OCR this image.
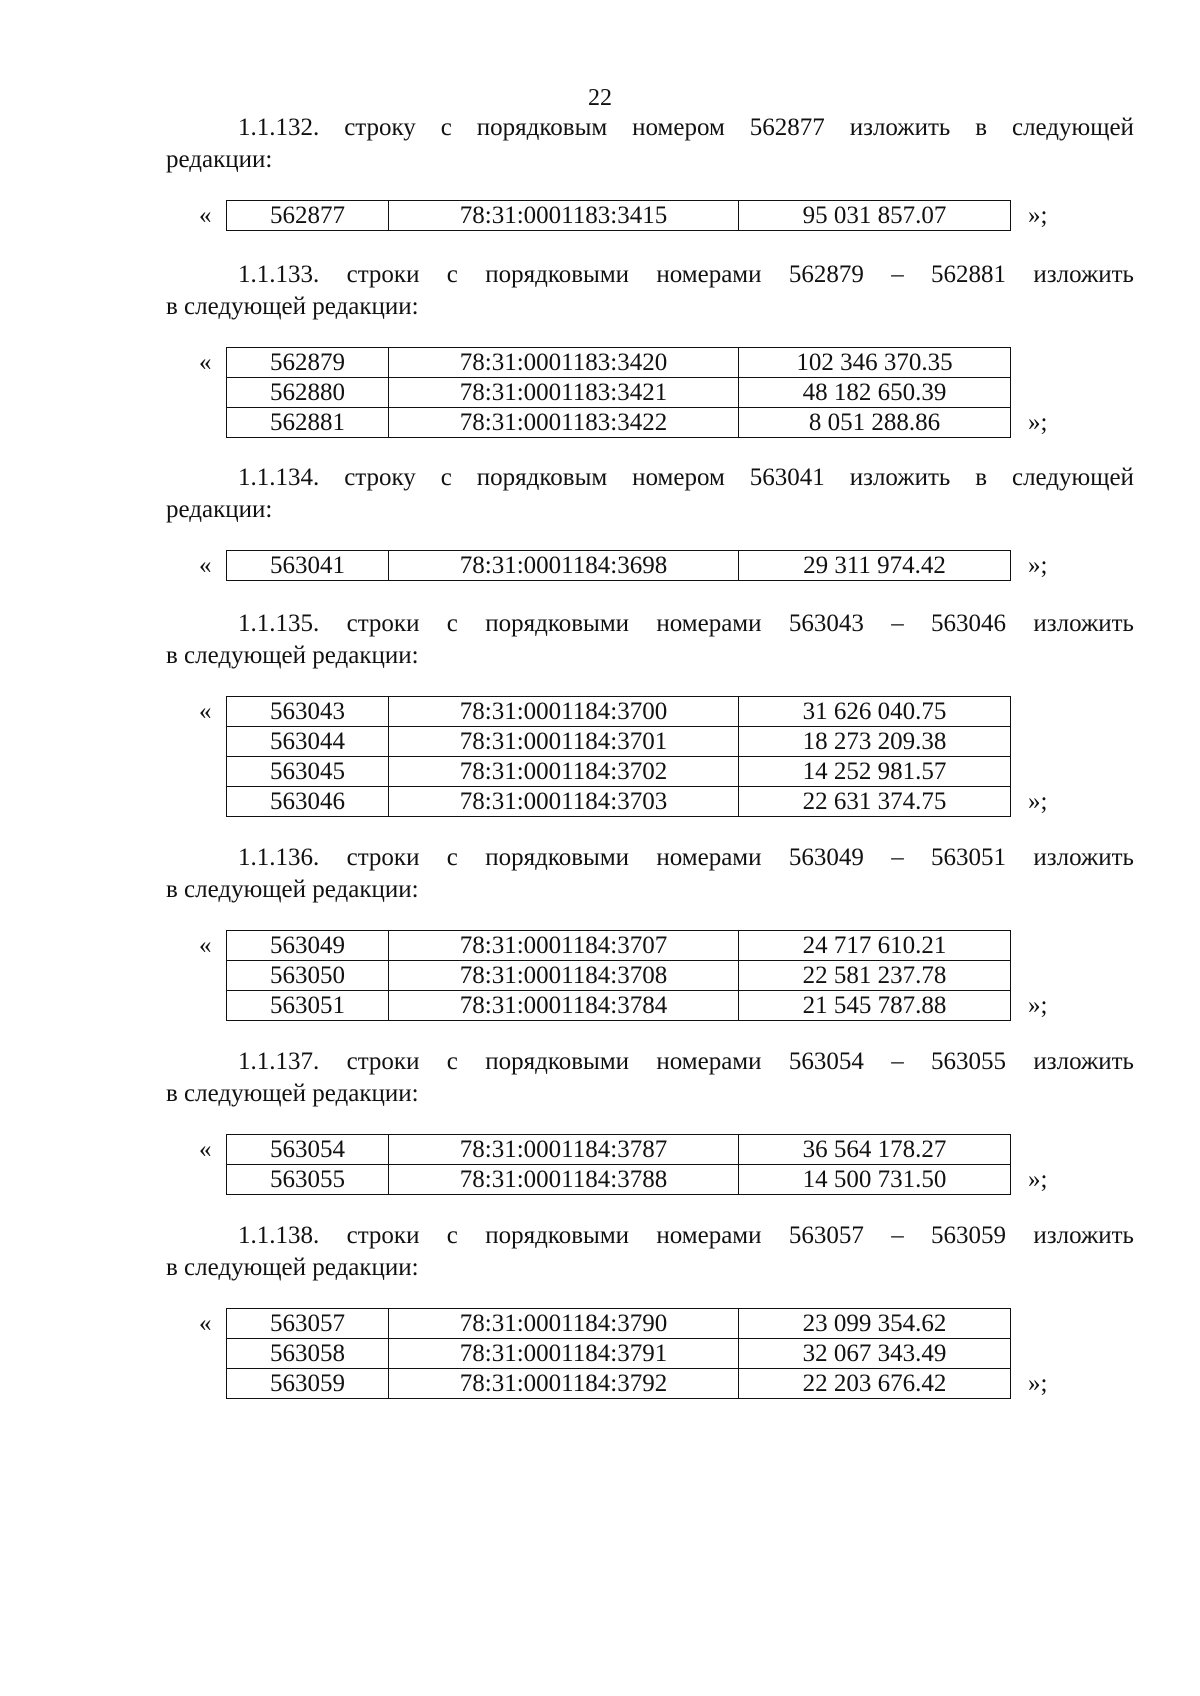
22
1.1.132. строку с порядковым номером 562877 изложить в следующей
редакции:
« 562877	78:31:0001183:3415	95 031 857.07	»;
1.1.133. строки с порядковыми номерами 562879 – 562881 изложить
в следующей редакции:
« 562879	78:31:0001183:3420	102 346 370.35
562880	78:31:0001183:3421	48 182 650.39
562881	78:31:0001183:3422	8 051 288.86	»;
1.1.134. строку с порядковым номером 563041 изложить в следующей
редакции:
« 563041	78:31:0001184:3698	29 311 974.42	»;
1.1.135. строки с порядковыми номерами 563043 – 563046 изложить
в следующей редакции:
« 563043	78:31:0001184:3700	31 626 040.75
563044	78:31:0001184:3701	18 273 209.38
563045	78:31:0001184:3702	14 252 981.57
563046	78:31:0001184:3703	22 631 374.75	»;
1.1.136. строки с порядковыми номерами 563049 – 563051 изложить
в следующей редакции:
« 563049	78:31:0001184:3707	24 717 610.21
563050	78:31:0001184:3708	22 581 237.78
563051	78:31:0001184:3784	21 545 787.88	»;
1.1.137. строки с порядковыми номерами 563054 – 563055 изложить
в следующей редакции:
« 563054	78:31:0001184:3787	36 564 178.27
563055	78:31:0001184:3788	14 500 731.50	»;
1.1.138. строки с порядковыми номерами 563057 – 563059 изложить
в следующей редакции:
« 563057	78:31:0001184:3790	23 099 354.62
563058	78:31:0001184:3791	32 067 343.49
563059	78:31:0001184:3792	22 203 676.42	»;
